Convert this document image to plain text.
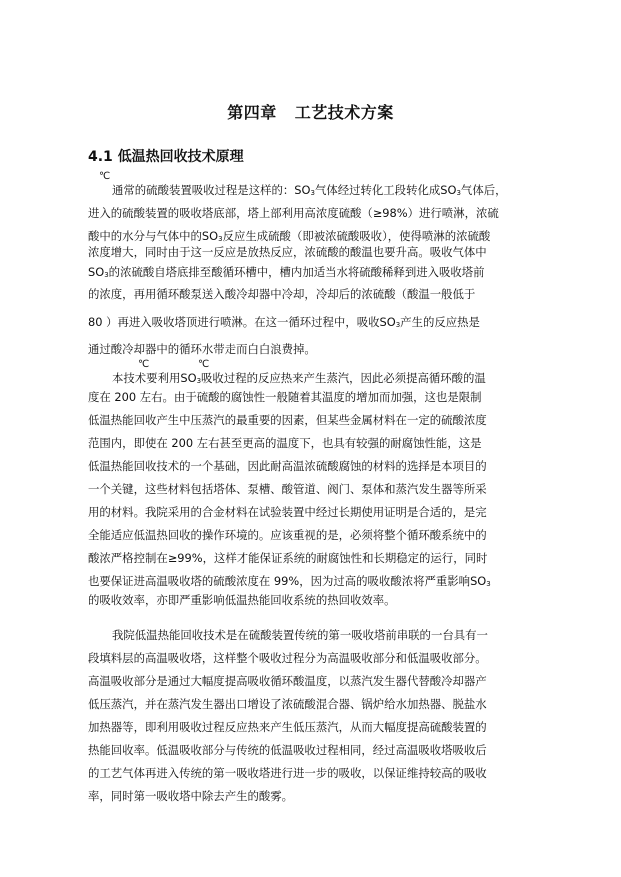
第四章 工艺技术方案
4.1 低温热回收技术原理
℃
℃	℃
通常的硫酸装置吸收过程是这样的：$SO_3$气体经过转化工段转化成$SO_3$气体后，
进入的硫酸装置的吸收塔底部，塔上部利用高浓度硫酸（≥98%）进行喷淋，浓硫
酸中的水分与气体中的$SO_3$反应生成硫酸（即被浓硫酸吸收），使得喷淋的浓硫酸
浓度增大，同时由于这一反应是放热反应，浓硫酸的酸温也要升高。吸收气体中
$SO_3$的浓硫酸自塔底排至酸循环槽中，槽内加适当水将硫酸稀释到进入吸收塔前
的浓度，再用循环酸泵送入酸冷却器中冷却，冷却后的浓硫酸（酸温一般低于
80 ）再进入吸收塔顶进行喷淋。在这一循环过程中，吸收$SO_3$产生的反应热是
通过酸冷却器中的循环水带走而白白浪费掉。
本技术要利用$SO_3$吸收过程的反应热来产生蒸汽，因此必须提高循环酸的温
度在 200 左右。由于硫酸的腐蚀性一般随着其温度的增加而加强，这也是限制
低温热能回收产生中压蒸汽的最重要的因素，但某些金属材料在一定的硫酸浓度
范围内，即使在 200 左右甚至更高的温度下，也具有较强的耐腐蚀性能，这是
低温热能回收技术的一个基础，因此耐高温浓硫酸腐蚀的材料的选择是本项目的
一个关键，这些材料包括塔体、泵槽、酸管道、阀门、泵体和蒸汽发生器等所采
用的材料。我院采用的合金材料在试验装置中经过长期使用证明是合适的，是完
全能适应低温热回收的操作环境的。应该重视的是，必须将整个循环酸系统中的
酸浓严格控制在≥99%，这样才能保证系统的耐腐蚀性和长期稳定的运行，同时
也要保证进高温吸收塔的硫酸浓度在 99%，因为过高的吸收酸浓将严重影响$SO_3$
的吸收效率，亦即严重影响低温热能回收系统的热回收效率。
我院低温热能回收技术是在硫酸装置传统的第一吸收塔前串联的一台具有一
段填料层的高温吸收塔，这样整个吸收过程分为高温吸收部分和低温吸收部分。
高温吸收部分是通过大幅度提高吸收循环酸温度，以蒸汽发生器代替酸冷却器产
低压蒸汽，并在蒸汽发生器出口增设了浓硫酸混合器、锅炉给水加热器、脱盐水
加热器等，即利用吸收过程反应热来产生低压蒸汽，从而大幅度提高硫酸装置的
热能回收率。低温吸收部分与传统的低温吸收过程相同，经过高温吸收塔吸收后
的工艺气体再进入传统的第一吸收塔进行进一步的吸收，以保证维持较高的吸收
率，同时第一吸收塔中除去产生的酸雾。
